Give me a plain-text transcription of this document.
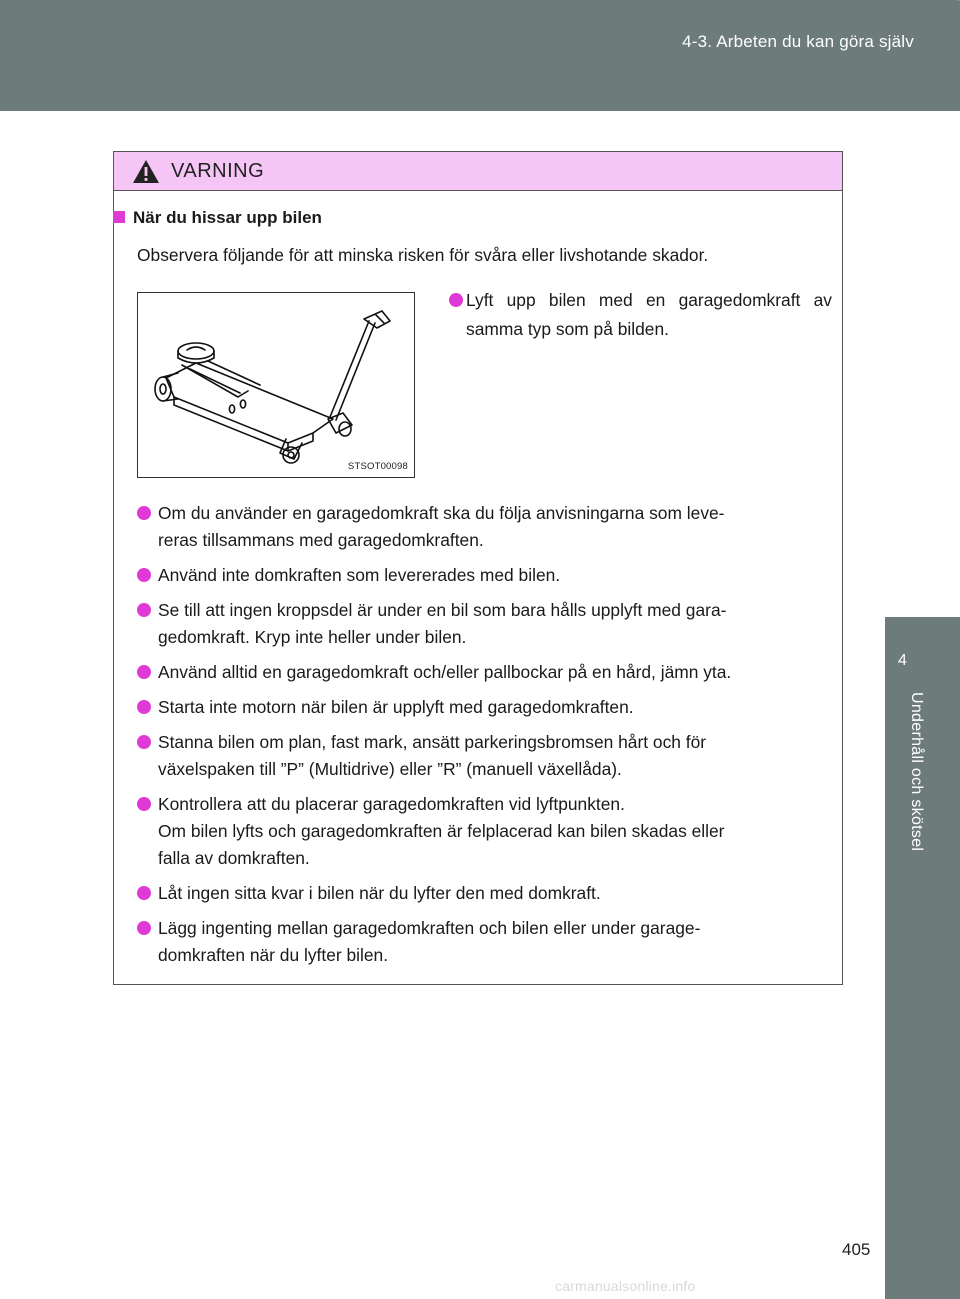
4-3. Arbeten du kan göra själv
4
Underhåll och skötsel
VARNING
När du hissar upp bilen
Observera följande för att minska risken för svåra eller livshotande skador.
STSOT00098
Lyft upp bilen med en garagedomkraft av samma typ som på bilden.
Om du använder en garagedomkraft ska du följa anvisningarna som leve-
reras tillsammans med garagedomkraften.
Använd inte domkraften som levererades med bilen.
Se till att ingen kroppsdel är under en bil som bara hålls upplyft med gara-
gedomkraft. Kryp inte heller under bilen.
Använd alltid en garagedomkraft och/eller pallbockar på en hård, jämn yta.
Starta inte motorn när bilen är upplyft med garagedomkraften.
Stanna bilen om plan, fast mark, ansätt parkeringsbromsen hårt och för
växelspaken till ”P” (Multidrive) eller ”R” (manuell växellåda).
Kontrollera att du placerar garagedomkraften vid lyftpunkten.
Om bilen lyfts och garagedomkraften är felplacerad kan bilen skadas eller
falla av domkraften.
Låt ingen sitta kvar i bilen när du lyfter den med domkraft.
Lägg ingenting mellan garagedomkraften och bilen eller under garage-
domkraften när du lyfter bilen.
405
carmanualsonline.info
